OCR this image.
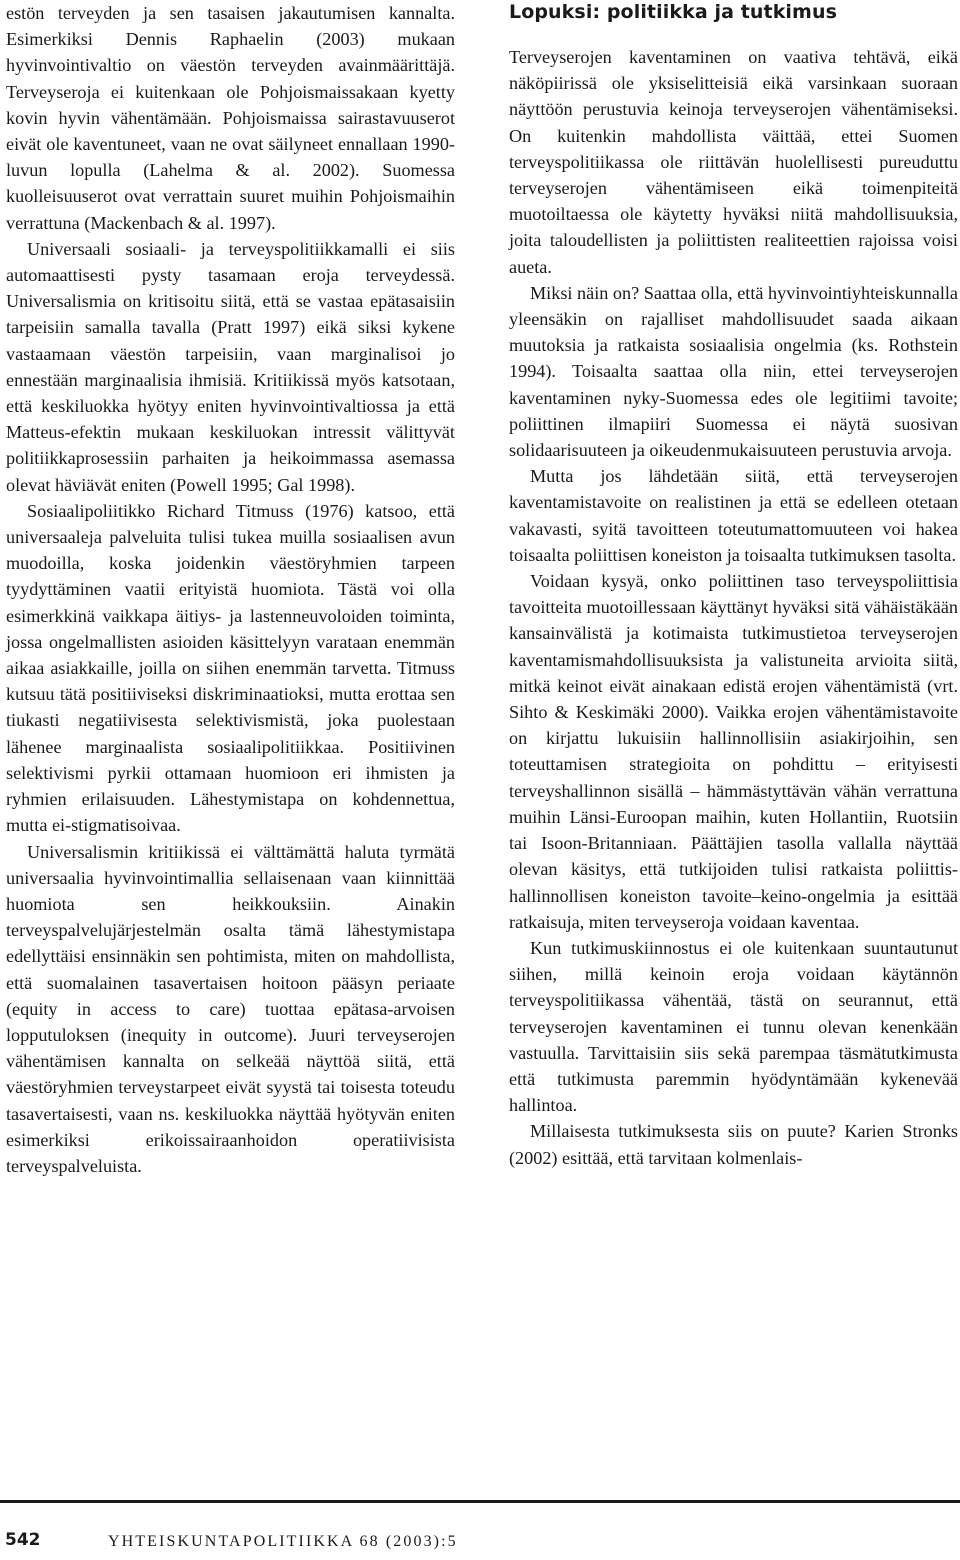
estön terveyden ja sen tasaisen jakautumisen kannalta. Esimerkiksi Dennis Raphaelin (2003) mukaan hyvinvointivaltio on väestön terveyden avainmäärittäjä. Terveyseroja ei kuitenkaan ole Pohjoismaissakaan kyetty kovin hyvin vähentämään. Pohjoismaissa sairastavuuserot eivät ole kaventuneet, vaan ne ovat säilyneet ennallaan 1990-luvun lopulla (Lahelma & al. 2002). Suomessa kuolleisuuserot ovat verrattain suuret muihin Pohjoismaihin verrattuna (Mackenbach & al. 1997).

Universaali sosiaali- ja terveyspolitiikkamalli ei siis automaattisesti pysty tasamaan eroja terveydessä. Universalismia on kritisoitu siitä, että se vastaa epätasaisiin tarpeisiin samalla tavalla (Pratt 1997) eikä siksi kykene vastaamaan väestön tarpeisiin, vaan marginalisoi jo ennestään marginaalisia ihmisiä. Kritiikissä myös katsotaan, että keskiluokka hyötyy eniten hyvinvointivaltiossa ja että Matteus-efektin mukaan keskiluokan intressit välittyvät politiikkaprosessiin parhaiten ja heikoimmassa asemassa olevat häviävät eniten (Powell 1995; Gal 1998).

Sosiaalipoliitikko Richard Titmuss (1976) katsoo, että universaaleja palveluita tulisi tukea muilla sosiaalisen avun muodoilla, koska joidenkin väestöryhmien tarpeen tyydyttäminen vaatii erityistä huomiota. Tästä voi olla esimerkkinä vaikkapa äitiys- ja lastenneuvoloiden toiminta, jossa ongelmallisten asioiden käsittelyyn varataan enemmän aikaa asiakkaille, joilla on siihen enemmän tarvetta. Titmuss kutsuu tätä positiiviseksi diskriminaatioksi, mutta erottaa sen tiukasti negatiivisesta selektivismistä, joka puolestaan lähenee marginaalista sosiaalipolitiikkaa. Positiivinen selektivismi pyrkii ottamaan huomioon eri ihmisten ja ryhmien erilaisuuden. Lähestymistapa on kohdennettua, mutta ei-stigmatisoivaa.

Universalismin kritiikissä ei välttämättä haluta tyrmätä universaalia hyvinvointimallia sellaisenaan vaan kiinnittää huomiota sen heikkouksiin. Ainakin terveyspalvelujärjestelmän osalta tämä lähestymistapa edellyttäisi ensinnäkin sen pohtimista, miten on mahdollista, että suomalainen tasavertaisen hoitoon pääsyn periaate (equity in access to care) tuottaa epätasa-arvoisen lopputuloksen (inequity in outcome). Juuri terveyserojen vähentämisen kannalta on selkeää näyttöä siitä, että väestöryhmien terveystarpeet eivät syystä tai toisesta toteudu tasavertaisesti, vaan ns. keskiluokka näyttää hyötyvän eniten esimerkiksi erikoissairaanhoidon operatiivisista terveyspalveluista.

Lopuksi: politiikka ja tutkimus

Terveyserojen kaventaminen on vaativa tehtävä, eikä näköpiirissä ole yksiselitteisiä eikä varsinkaan suoraan näyttöön perustuvia keinoja terveyserojen vähentämiseksi. On kuitenkin mahdollista väittää, ettei Suomen terveyspolitiikassa ole riittävän huolellisesti pureuduttu terveyserojen vähentämiseen eikä toimenpiteitä muotoiltaessa ole käytetty hyväksi niitä mahdollisuuksia, joita taloudellisten ja poliittisten realiteettien rajoissa voisi aueta.

Miksi näin on? Saattaa olla, että hyvinvointiyhteiskunnalla yleensäkin on rajalliset mahdollisuudet saada aikaan muutoksia ja ratkaista sosiaalisia ongelmia (ks. Rothstein 1994). Toisaalta saattaa olla niin, ettei terveyserojen kaventaminen nyky-Suomessa edes ole legitiimi tavoite; poliittinen ilmapiiri Suomessa ei näytä suosivan solidaarisuuteen ja oikeudenmukaisuuteen perustuvia arvoja.

Mutta jos lähdetään siitä, että terveyserojen kaventamistavoite on realistinen ja että se edelleen otetaan vakavasti, syitä tavoitteen toteutumattomuuteen voi hakea toisaalta poliittisen koneiston ja toisaalta tutkimuksen tasolta.

Voidaan kysyä, onko poliittinen taso terveyspoliittisia tavoitteita muotoillessaan käyttänyt hyväksi sitä vähäistäkään kansainvälistä ja kotimaista tutkimustietoa terveyserojen kaventamismahdollisuuksista ja valistuneita arvioita siitä, mitkä keinot eivät ainakaan edistä erojen vähentämistä (vrt. Sihto & Keskimäki 2000). Vaikka erojen vähentämistavoite on kirjattu lukuisiin hallinnollisiin asiakirjoihin, sen toteuttamisen strategioita on pohdittu – erityisesti terveyshallinnon sisällä – hämmästyttävän vähän verrattuna muihin Länsi-Euroopan maihin, kuten Hollantiin, Ruotsiin tai Isoon-Britanniaan. Päättäjien tasolla vallalla näyttää olevan käsitys, että tutkijoiden tulisi ratkaista poliittis-hallinnollisen koneiston tavoite–keino-ongelmia ja esittää ratkaisuja, miten terveyseroja voidaan kaventaa.

Kun tutkimuskiinnostus ei ole kuitenkaan suuntautunut siihen, millä keinoin eroja voidaan käytännön terveyspolitiikassa vähentää, tästä on seurannut, että terveyserojen kaventaminen ei tunnu olevan kenenkään vastuulla. Tarvittaisiin siis sekä parempaa täsmätutkimusta että tutkimusta paremmin hyödyntämään kykenevää hallintoa.

Millaisesta tutkimuksesta siis on puute? Karien Stronks (2002) esittää, että tarvitaan kolmenlais-

542	YHTEISKUNTAPOLITIIKKA 68 (2003):5
